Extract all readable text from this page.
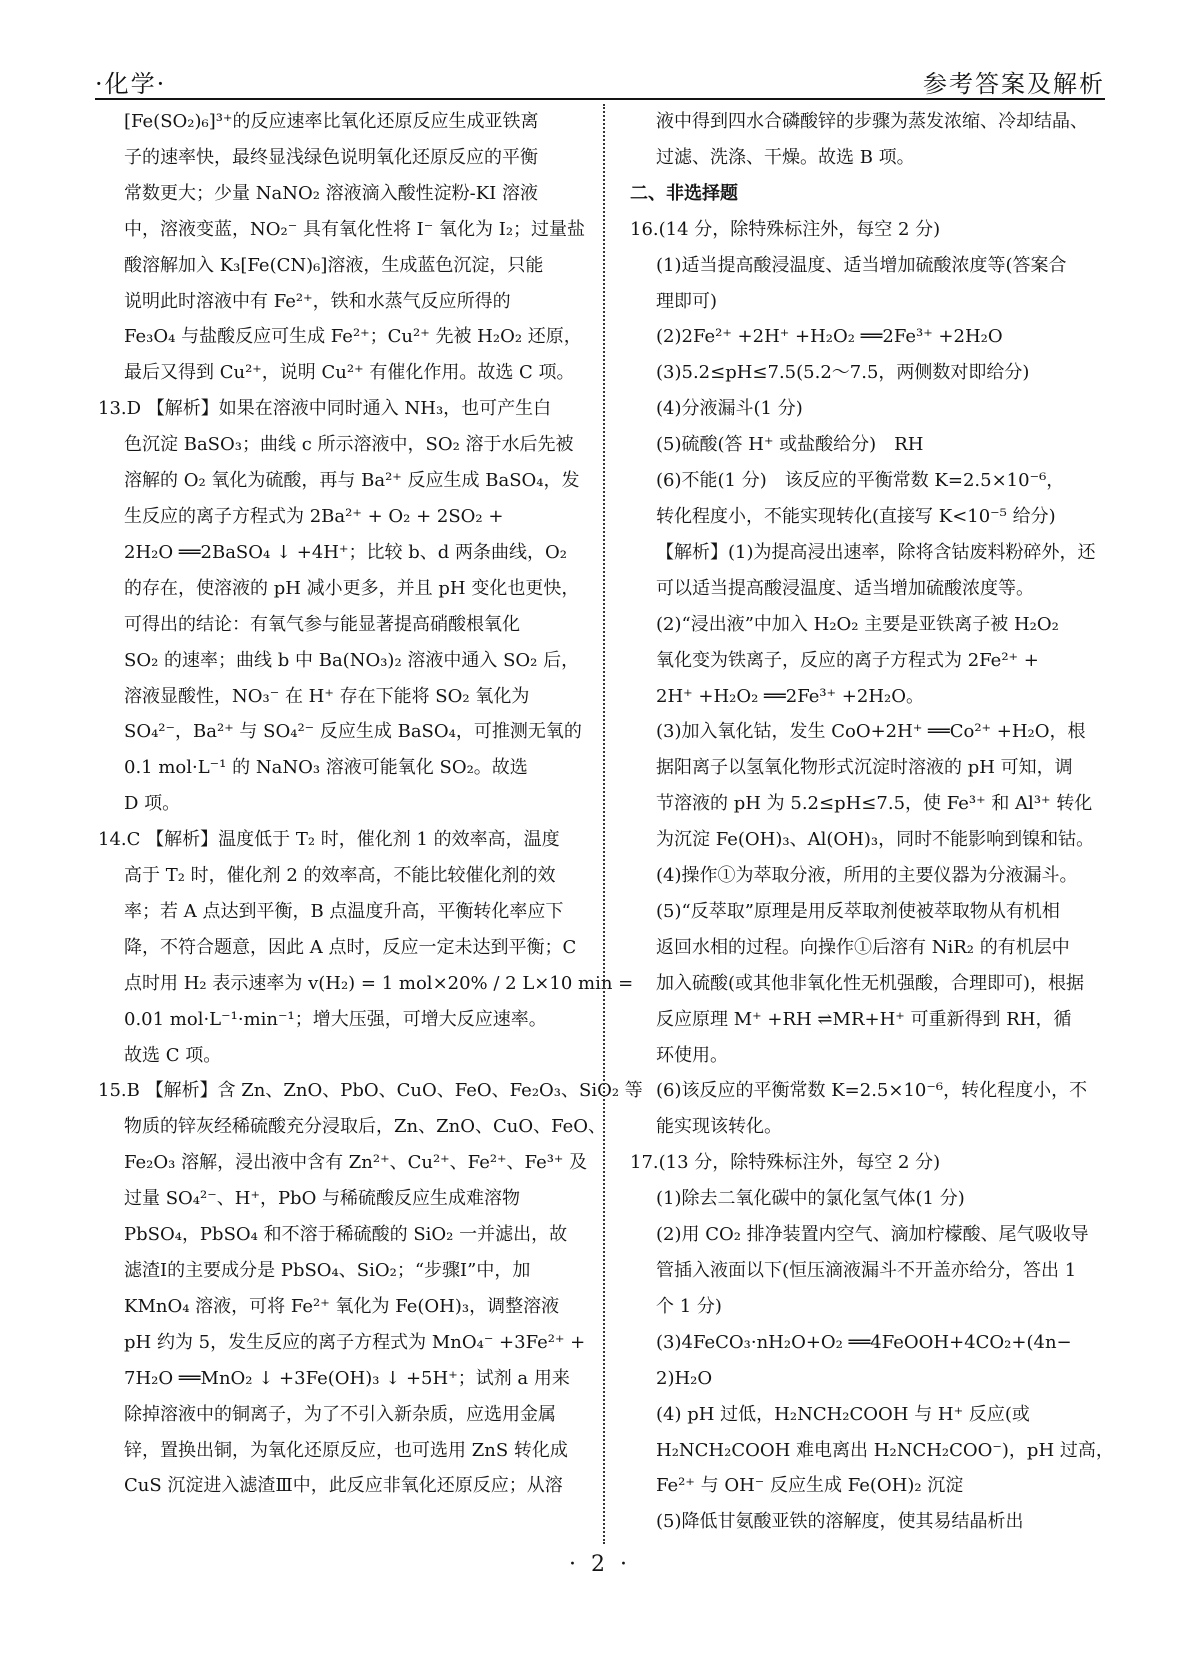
·化学·	参考答案及解析
[Fe(SO₂)₆]³⁺的反应速率比氧化还原反应生成亚铁离
子的速率快，最终显浅绿色说明氧化还原反应的平衡
常数更大；少量 NaNO₂ 溶液滴入酸性淀粉-KI 溶液
中，溶液变蓝，NO₂⁻ 具有氧化性将 I⁻ 氧化为 I₂；过量盐
酸溶解加入 K₃[Fe(CN)₆]溶液，生成蓝色沉淀，只能
说明此时溶液中有 Fe²⁺，铁和水蒸气反应所得的
Fe₃O₄ 与盐酸反应可生成 Fe²⁺；Cu²⁺ 先被 H₂O₂ 还原，
最后又得到 Cu²⁺，说明 Cu²⁺ 有催化作用。故选 C 项。
13.D 【解析】如果在溶液中同时通入 NH₃，也可产生白
色沉淀 BaSO₃；曲线 c 所示溶液中，SO₂ 溶于水后先被
溶解的 O₂ 氧化为硫酸，再与 Ba²⁺ 反应生成 BaSO₄，发
生反应的离子方程式为 2Ba²⁺ + O₂ + 2SO₂ +
2H₂O ══2BaSO₄ ↓ +4H⁺；比较 b、d 两条曲线，O₂
的存在，使溶液的 pH 减小更多，并且 pH 变化也更快，
可得出的结论：有氧气参与能显著提高硝酸根氧化
SO₂ 的速率；曲线 b 中 Ba(NO₃)₂ 溶液中通入 SO₂ 后，
溶液显酸性，NO₃⁻ 在 H⁺ 存在下能将 SO₂ 氧化为
SO₄²⁻，Ba²⁺ 与 SO₄²⁻ 反应生成 BaSO₄，可推测无氧的
0.1 mol·L⁻¹ 的 NaNO₃ 溶液可能氧化 SO₂。故选
D 项。
14.C 【解析】温度低于 T₂ 时，催化剂 1 的效率高，温度
高于 T₂ 时，催化剂 2 的效率高，不能比较催化剂的效
率；若 A 点达到平衡，B 点温度升高，平衡转化率应下
降，不符合题意，因此 A 点时，反应一定未达到平衡；C
点时用 H₂ 表示速率为 v(H₂) = 1 mol×20% / 2 L×10 min =
0.01 mol·L⁻¹·min⁻¹；增大压强，可增大反应速率。
故选 C 项。
15.B 【解析】含 Zn、ZnO、PbO、CuO、FeO、Fe₂O₃、SiO₂ 等
物质的锌灰经稀硫酸充分浸取后，Zn、ZnO、CuO、FeO、
Fe₂O₃ 溶解，浸出液中含有 Zn²⁺、Cu²⁺、Fe²⁺、Fe³⁺ 及
过量 SO₄²⁻、H⁺，PbO 与稀硫酸反应生成难溶物
PbSO₄，PbSO₄ 和不溶于稀硫酸的 SiO₂ 一并滤出，故
滤渣Ⅰ的主要成分是 PbSO₄、SiO₂；“步骤Ⅰ”中，加
KMnO₄ 溶液，可将 Fe²⁺ 氧化为 Fe(OH)₃，调整溶液
pH 约为 5，发生反应的离子方程式为 MnO₄⁻ +3Fe²⁺ +
7H₂O ══MnO₂ ↓ +3Fe(OH)₃ ↓ +5H⁺；试剂 a 用来
除掉溶液中的铜离子，为了不引入新杂质，应选用金属
锌，置换出铜，为氧化还原反应，也可选用 ZnS 转化成
CuS 沉淀进入滤渣Ⅲ中，此反应非氧化还原反应；从溶
液中得到四水合磷酸锌的步骤为蒸发浓缩、冷却结晶、
过滤、洗涤、干燥。故选 B 项。
二、非选择题
16.(14 分，除特殊标注外，每空 2 分)
(1)适当提高酸浸温度、适当增加硫酸浓度等(答案合
理即可)
(2)2Fe²⁺ +2H⁺ +H₂O₂ ══2Fe³⁺ +2H₂O
(3)5.2≤pH≤7.5(5.2～7.5，两侧数对即给分)
(4)分液漏斗(1 分)
(5)硫酸(答 H⁺ 或盐酸给分)　RH
(6)不能(1 分)　该反应的平衡常数 K=2.5×10⁻⁶，
转化程度小，不能实现转化(直接写 K<10⁻⁵ 给分)
【解析】(1)为提高浸出速率，除将含钴废料粉碎外，还
可以适当提高酸浸温度、适当增加硫酸浓度等。
(2)“浸出液”中加入 H₂O₂ 主要是亚铁离子被 H₂O₂
氧化变为铁离子，反应的离子方程式为 2Fe²⁺ +
2H⁺ +H₂O₂ ══2Fe³⁺ +2H₂O。
(3)加入氧化钴，发生 CoO+2H⁺ ══Co²⁺ +H₂O，根
据阳离子以氢氧化物形式沉淀时溶液的 pH 可知，调
节溶液的 pH 为 5.2≤pH≤7.5，使 Fe³⁺ 和 Al³⁺ 转化
为沉淀 Fe(OH)₃、Al(OH)₃，同时不能影响到镍和钴。
(4)操作①为萃取分液，所用的主要仪器为分液漏斗。
(5)“反萃取”原理是用反萃取剂使被萃取物从有机相
返回水相的过程。向操作①后溶有 NiR₂ 的有机层中
加入硫酸(或其他非氧化性无机强酸，合理即可)，根据
反应原理 M⁺ +RH ⇌MR+H⁺ 可重新得到 RH，循
环使用。
(6)该反应的平衡常数 K=2.5×10⁻⁶，转化程度小，不
能实现该转化。
17.(13 分，除特殊标注外，每空 2 分)
(1)除去二氧化碳中的氯化氢气体(1 分)
(2)用 CO₂ 排净装置内空气、滴加柠檬酸、尾气吸收导
管插入液面以下(恒压滴液漏斗不开盖亦给分，答出 1
个 1 分)
(3)4FeCO₃·nH₂O+O₂ ══4FeOOH+4CO₂+(4n−
2)H₂O
(4) pH 过低，H₂NCH₂COOH 与 H⁺ 反应(或
H₂NCH₂COOH 难电离出 H₂NCH₂COO⁻)，pH 过高，
Fe²⁺ 与 OH⁻ 反应生成 Fe(OH)₂ 沉淀
(5)降低甘氨酸亚铁的溶解度，使其易结晶析出
· 2 ·
